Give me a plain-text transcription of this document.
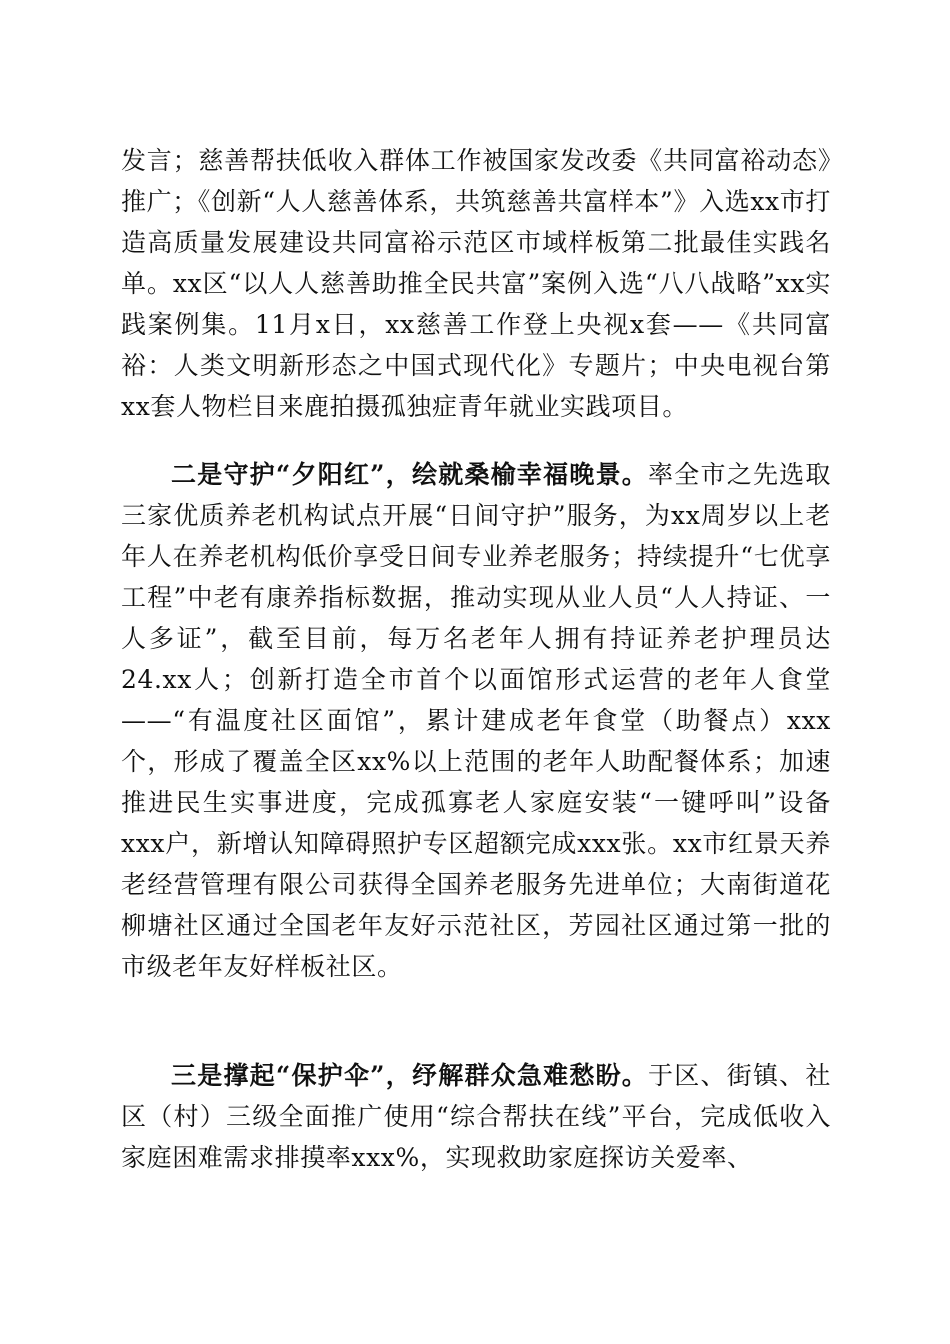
发言；慈善帮扶低收入群体工作被国家发改委《共同富裕动态》推广；《创新“人人慈善体系，共筑慈善共富样本”》入选xx市打造高质量发展建设共同富裕示范区市域样板第二批最佳实践名单。xx区“以人人慈善助推全民共富”案例入选“八八战略”xx实践案例集。11月x日，xx慈善工作登上央视x套——《共同富裕：人类文明新形态之中国式现代化》专题片；中央电视台第xx套人物栏目来鹿拍摄孤独症青年就业实践项目。

二是守护“夕阳红”，绘就桑榆幸福晚景。率全市之先选取三家优质养老机构试点开展“日间守护”服务，为xx周岁以上老年人在养老机构低价享受日间专业养老服务；持续提升“七优享工程”中老有康养指标数据，推动实现从业人员“人人持证、一人多证”，截至目前，每万名老年人拥有持证养老护理员达24.xx人；创新打造全市首个以面馆形式运营的老年人食堂——“有温度社区面馆”，累计建成老年食堂（助餐点）xxx个，形成了覆盖全区xx%以上范围的老年人助配餐体系；加速推进民生实事进度，完成孤寡老人家庭安装“一键呼叫”设备xxx户，新增认知障碍照护专区超额完成xxx张。xx市红景天养老经营管理有限公司获得全国养老服务先进单位；大南街道花柳塘社区通过全国老年友好示范社区，芳园社区通过第一批的市级老年友好样板社区。

三是撑起“保护伞”，纾解群众急难愁盼。于区、街镇、社区（村）三级全面推广使用“综合帮扶在线”平台，完成低收入家庭困难需求排摸率xxx%，实现救助家庭探访关爱率、
